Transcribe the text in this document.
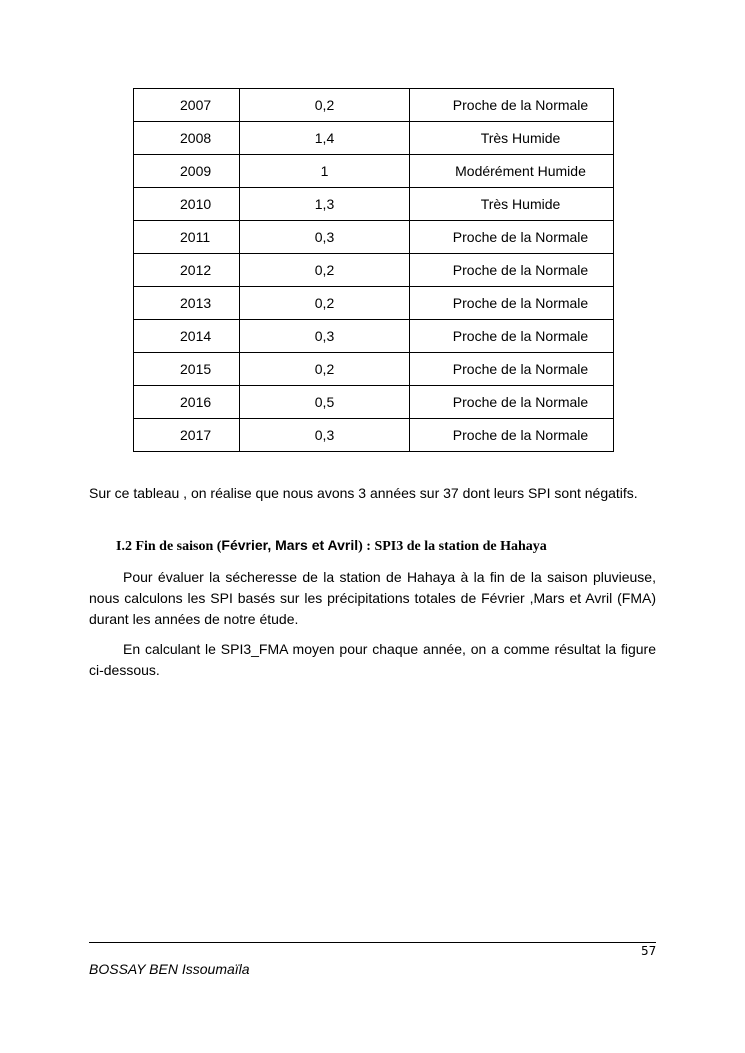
2007	0,2	Proche de la Normale
2008	1,4	Très Humide
2009	1	Modérément Humide
2010	1,3	Très Humide
2011	0,3	Proche de la Normale
2012	0,2	Proche de la Normale
2013	0,2	Proche de la Normale
2014	0,3	Proche de la Normale
2015	0,2	Proche de la Normale
2016	0,5	Proche de la Normale
2017	0,3	Proche de la Normale
Sur ce tableau , on réalise que nous avons 3 années sur 37 dont leurs SPI sont négatifs.
I.2 Fin de saison (Février, Mars et Avril) : SPI3 de la station de Hahaya
Pour évaluer la sécheresse de la station de Hahaya à la fin de la saison pluvieuse, nous calculons les SPI basés sur les précipitations totales de Février ,Mars et Avril (FMA) durant les années de notre étude.
En calculant le SPI3_FMA moyen pour chaque année, on a comme résultat la figure ci-dessous.
57
BOSSAY BEN Issoumaïla
